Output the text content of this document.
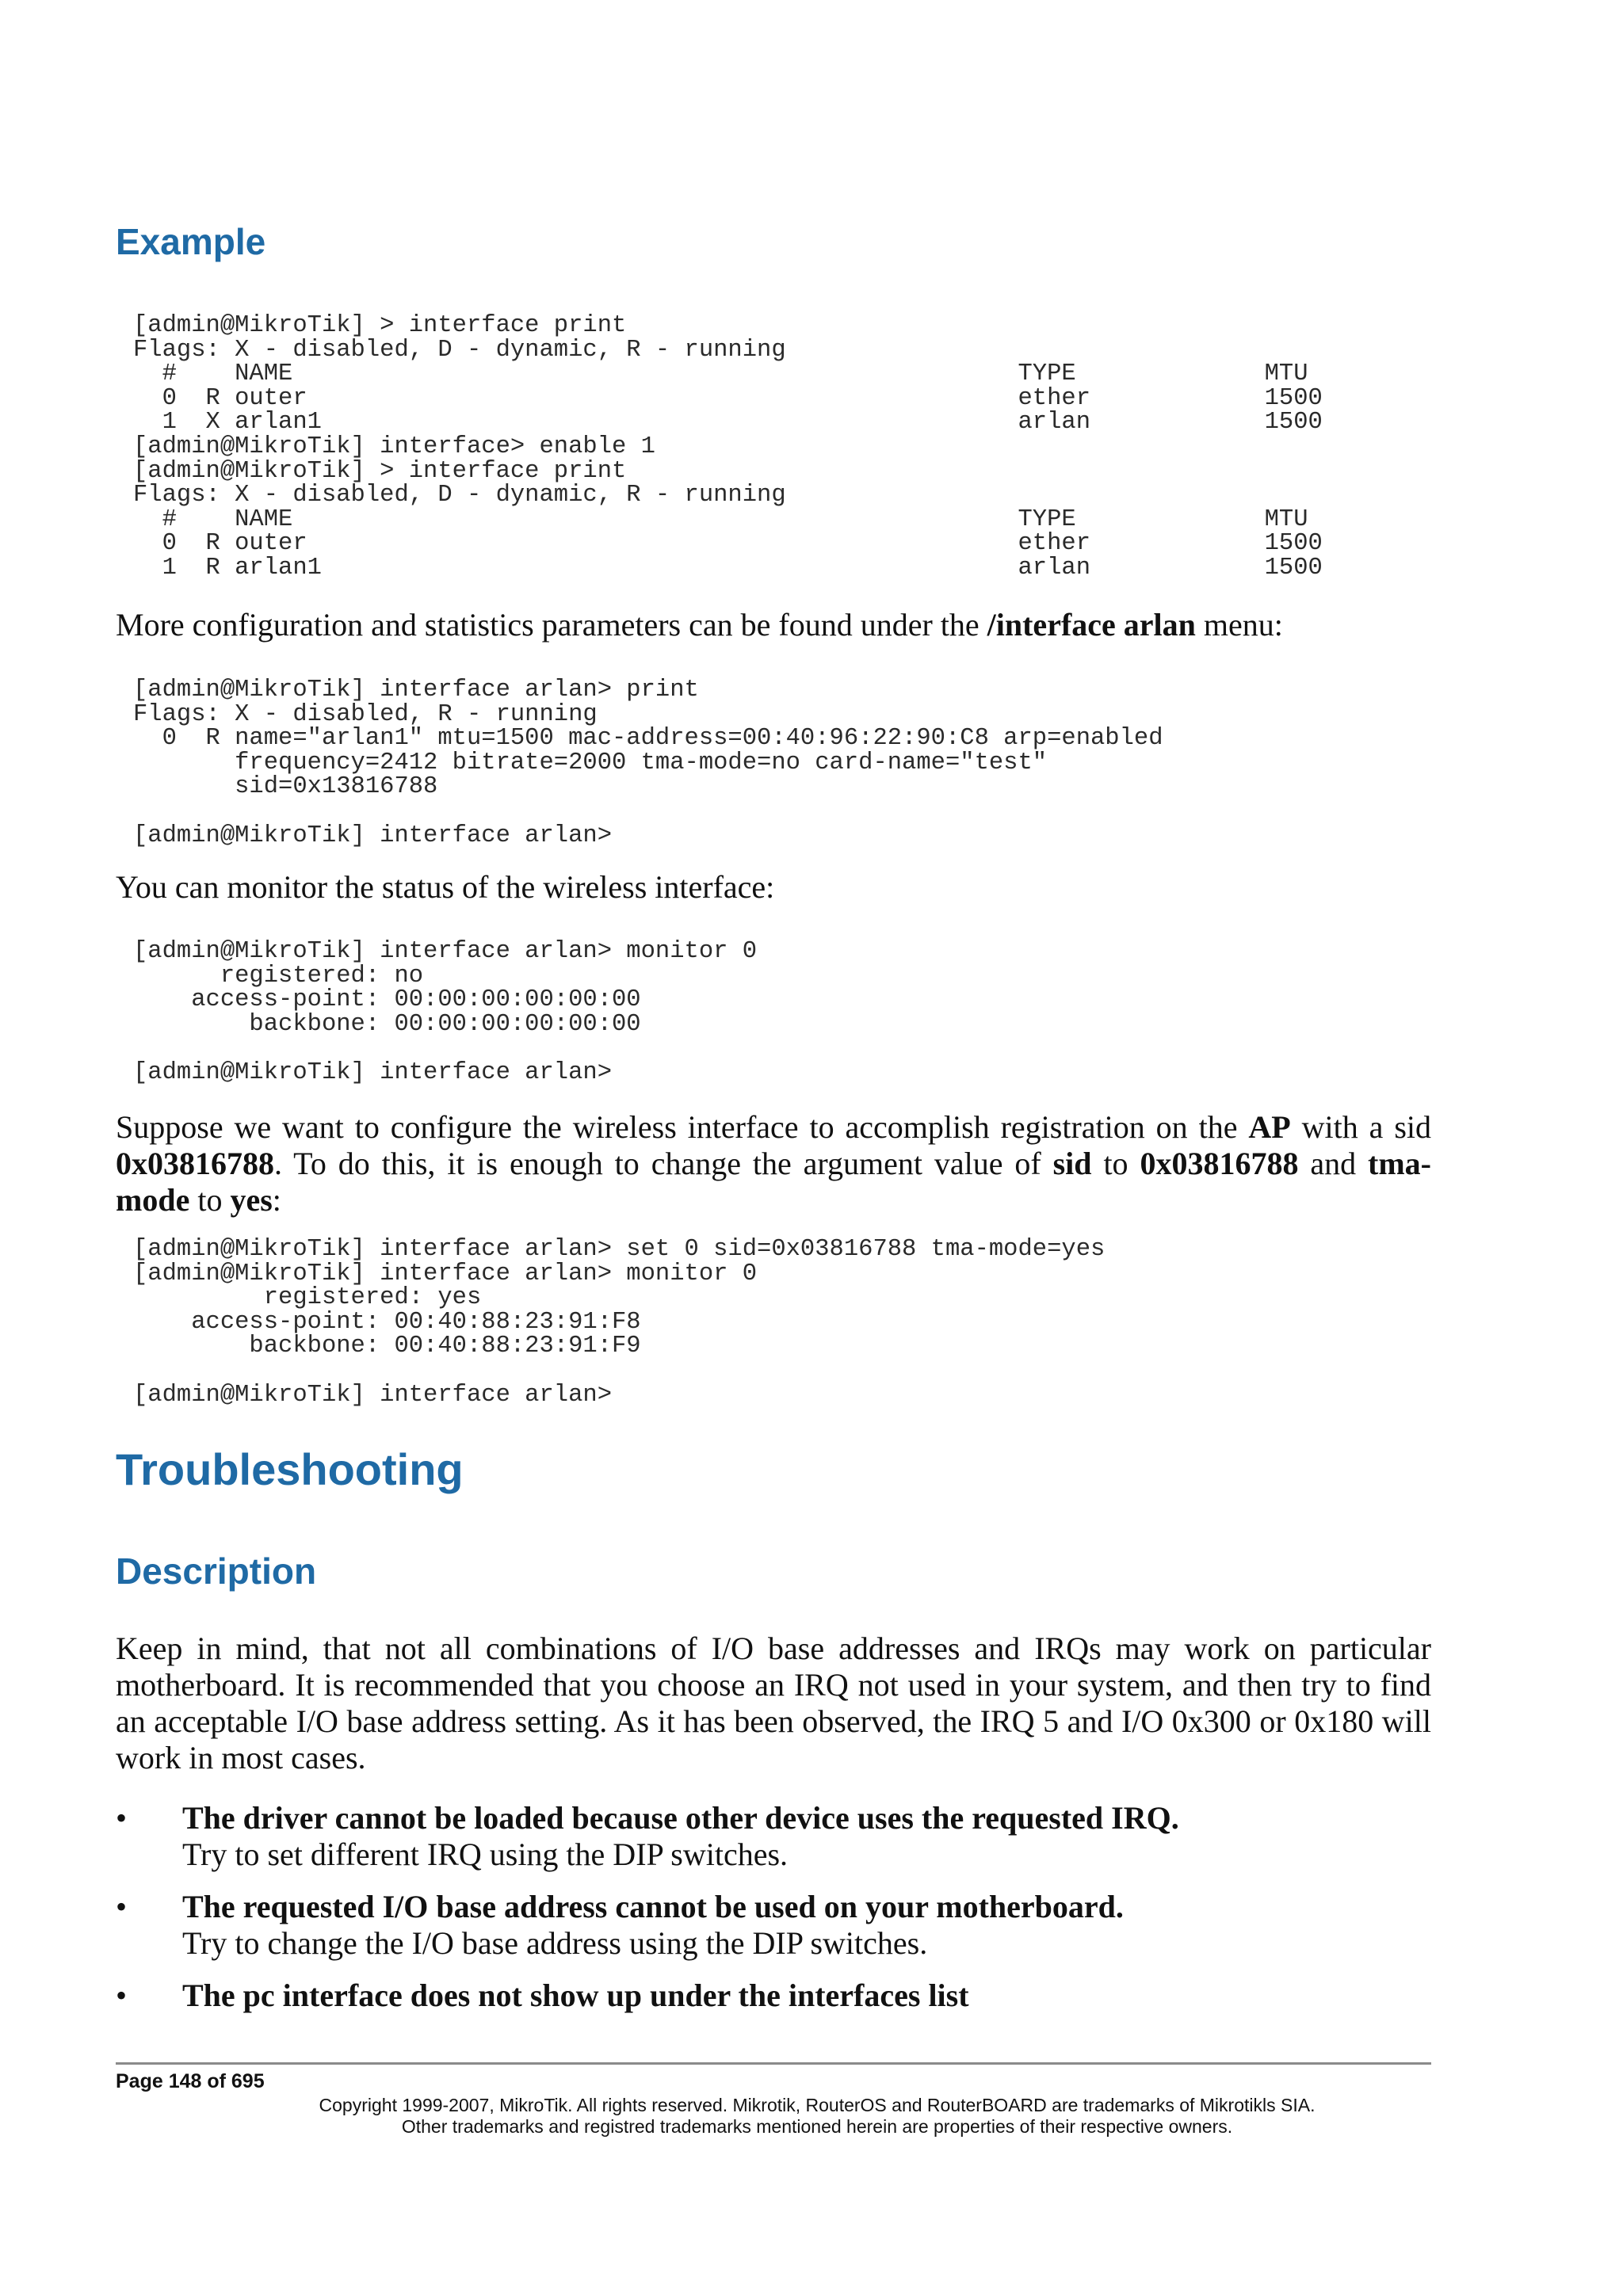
Example
[admin@MikroTik] > interface print
Flags: X - disabled, D - dynamic, R - running
#    NAME                                                  TYPE             MTU
0  R outer                                                 ether            1500
1  X arlan1                                                arlan            1500
[admin@MikroTik] interface> enable 1
[admin@MikroTik] > interface print
Flags: X - disabled, D - dynamic, R - running
#    NAME                                                  TYPE             MTU
0  R outer                                                 ether            1500
1  R arlan1                                                arlan            1500

More configuration and statistics parameters can be found under the /interface arlan menu:

[admin@MikroTik] interface arlan> print
Flags: X - disabled, R - running
0  R name="arlan1" mtu=1500 mac-address=00:40:96:22:90:C8 arp=enabled
frequency=2412 bitrate=2000 tma-mode=no card-name="test"
sid=0x13816788

[admin@MikroTik] interface arlan>

You can monitor the status of the wireless interface:

[admin@MikroTik] interface arlan> monitor 0
registered: no
access-point: 00:00:00:00:00:00
backbone: 00:00:00:00:00:00

[admin@MikroTik] interface arlan>

Suppose we want to configure the wireless interface to accomplish registration on the AP with a sid 0x03816788. To do this, it is enough to change the argument value of sid to 0x03816788 and tma-mode to yes:

[admin@MikroTik] interface arlan> set 0 sid=0x03816788 tma-mode=yes
[admin@MikroTik] interface arlan> monitor 0
registered: yes
access-point: 00:40:88:23:91:F8
backbone: 00:40:88:23:91:F9

[admin@MikroTik] interface arlan>
Troubleshooting
Description

Keep in mind, that not all combinations of I/O base addresses and IRQs may work on particular motherboard. It is recommended that you choose an IRQ not used in your system, and then try to find an acceptable I/O base address setting. As it has been observed, the IRQ 5 and I/O 0x300 or 0x180 will work in most cases.

• The driver cannot be loaded because other device uses the requested IRQ.

Try to set different IRQ using the DIP switches.

• The requested I/O base address cannot be used on your motherboard.

Try to change the I/O base address using the DIP switches.

• The pc interface does not show up under the interfaces list

Page 148 of 695
Copyright 1999-2007, MikroTik. All rights reserved. Mikrotik, RouterOS and RouterBOARD are trademarks of Mikrotikls SIA.
Other trademarks and registred trademarks mentioned herein are properties of their respective owners.
